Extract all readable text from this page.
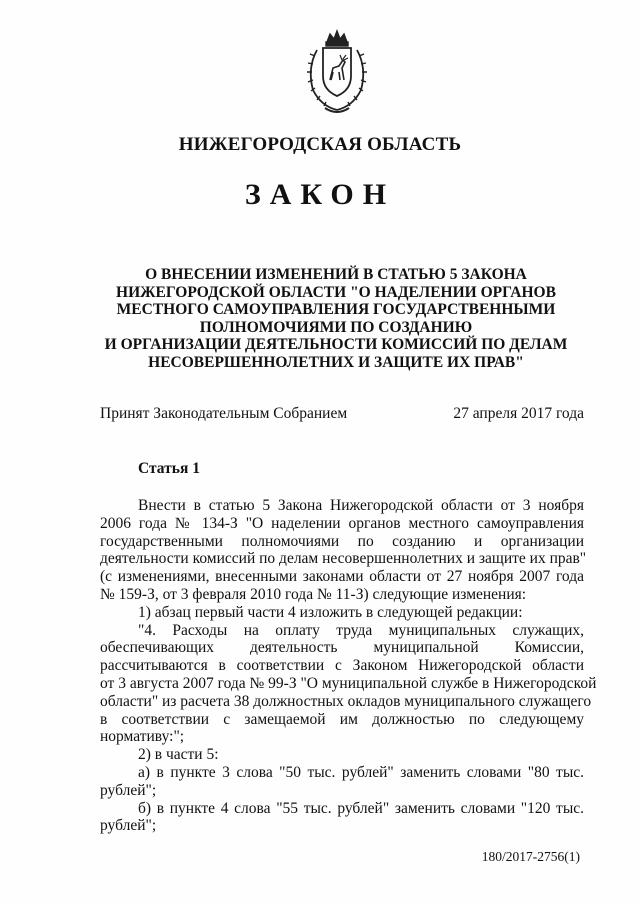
НИЖЕГОРОДСКАЯ ОБЛАСТЬ
ЗАКОН
О ВНЕСЕНИИ ИЗМЕНЕНИЙ В СТАТЬЮ 5 ЗАКОНА
НИЖЕГОРОДСКОЙ ОБЛАСТИ "О НАДЕЛЕНИИ ОРГАНОВ
МЕСТНОГО САМОУПРАВЛЕНИЯ ГОСУДАРСТВЕННЫМИ
ПОЛНОМОЧИЯМИ ПО СОЗДАНИЮ
И ОРГАНИЗАЦИИ ДЕЯТЕЛЬНОСТИ КОМИССИЙ ПО ДЕЛАМ
НЕСОВЕРШЕННОЛЕТНИХ И ЗАЩИТЕ ИХ ПРАВ"
Принят Законодательным Собранием	27 апреля 2017 года
Статья 1
Внести в статью 5 Закона Нижегородской области от 3 ноября
2006 года № 134-З "О наделении органов местного самоуправления
государственными полномочиями по созданию и организации
деятельности комиссий по делам несовершеннолетних и защите их прав"
(с изменениями, внесенными законами области от 27 ноября 2007 года
№ 159-З, от 3 февраля 2010 года № 11-З) следующие изменения:
1) абзац первый части 4 изложить в следующей редакции:
"4. Расходы на оплату труда муниципальных служащих,
обеспечивающих деятельность муниципальной Комиссии,
рассчитываются в соответствии с Законом Нижегородской области
от 3 августа 2007 года № 99-З "О муниципальной службе в Нижегородской
области" из расчета 38 должностных окладов муниципального служащего
в соответствии с замещаемой им должностью по следующему
нормативу:";
2) в части 5:
а) в пункте 3 слова "50 тыс. рублей" заменить словами "80 тыс.
рублей";
б) в пункте 4 слова "55 тыс. рублей" заменить словами "120 тыс.
рублей";
180/2017-2756(1)
